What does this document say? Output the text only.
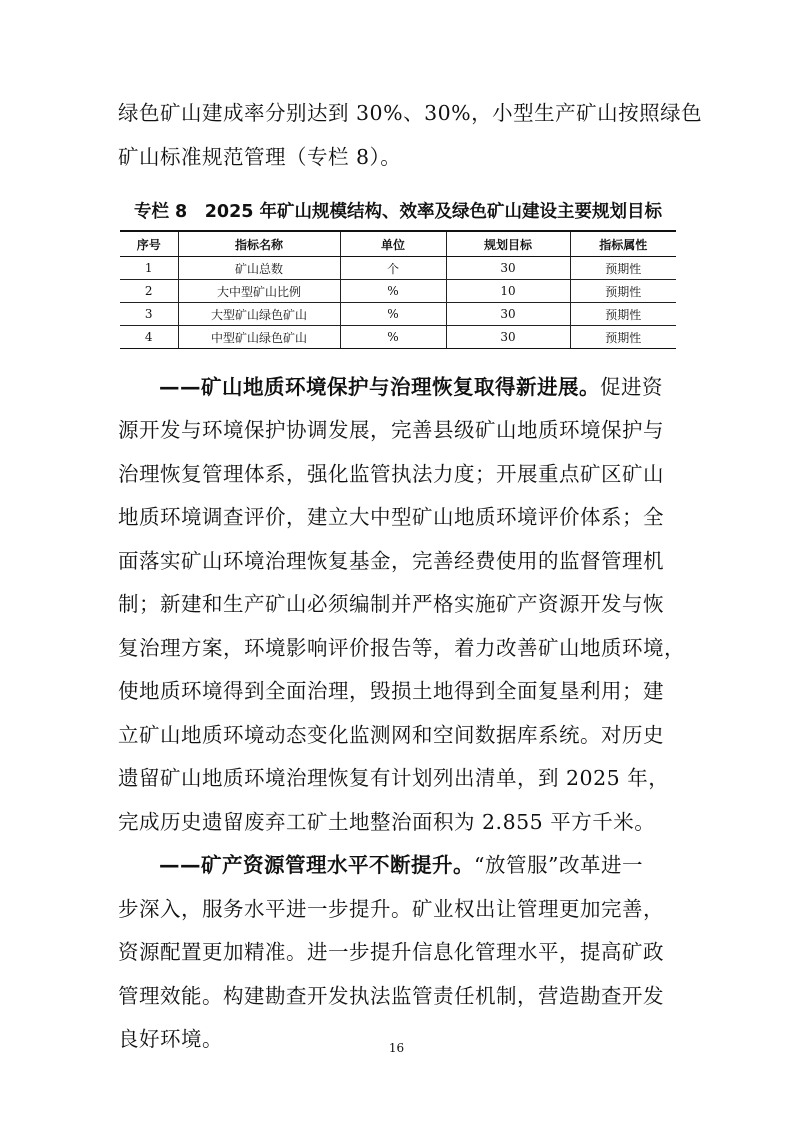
绿色矿山建成率分别达到 30%、30%，小型生产矿山按照绿色
矿山标准规范管理（专栏 8）。
专栏 8　2025 年矿山规模结构、效率及绿色矿山建设主要规划目标
序号	指标名称	单位	规划目标	指标属性
1	矿山总数	个	30	预期性
2	大中型矿山比例	%	10	预期性
3	大型矿山绿色矿山	%	30	预期性
4	中型矿山绿色矿山	%	30	预期性
——矿山地质环境保护与治理恢复取得新进展。促进资
源开发与环境保护协调发展，完善县级矿山地质环境保护与
治理恢复管理体系，强化监管执法力度；开展重点矿区矿山
地质环境调查评价，建立大中型矿山地质环境评价体系；全
面落实矿山环境治理恢复基金，完善经费使用的监督管理机
制；新建和生产矿山必须编制并严格实施矿产资源开发与恢
复治理方案，环境影响评价报告等，着力改善矿山地质环境，
使地质环境得到全面治理，毁损土地得到全面复垦利用；建
立矿山地质环境动态变化监测网和空间数据库系统。对历史
遗留矿山地质环境治理恢复有计划列出清单，到 2025 年，
完成历史遗留废弃工矿土地整治面积为 2.855 平方千米。
——矿产资源管理水平不断提升。“放管服”改革进一
步深入，服务水平进一步提升。矿业权出让管理更加完善，
资源配置更加精准。进一步提升信息化管理水平，提高矿政
管理效能。构建勘查开发执法监管责任机制，营造勘查开发
良好环境。	16
